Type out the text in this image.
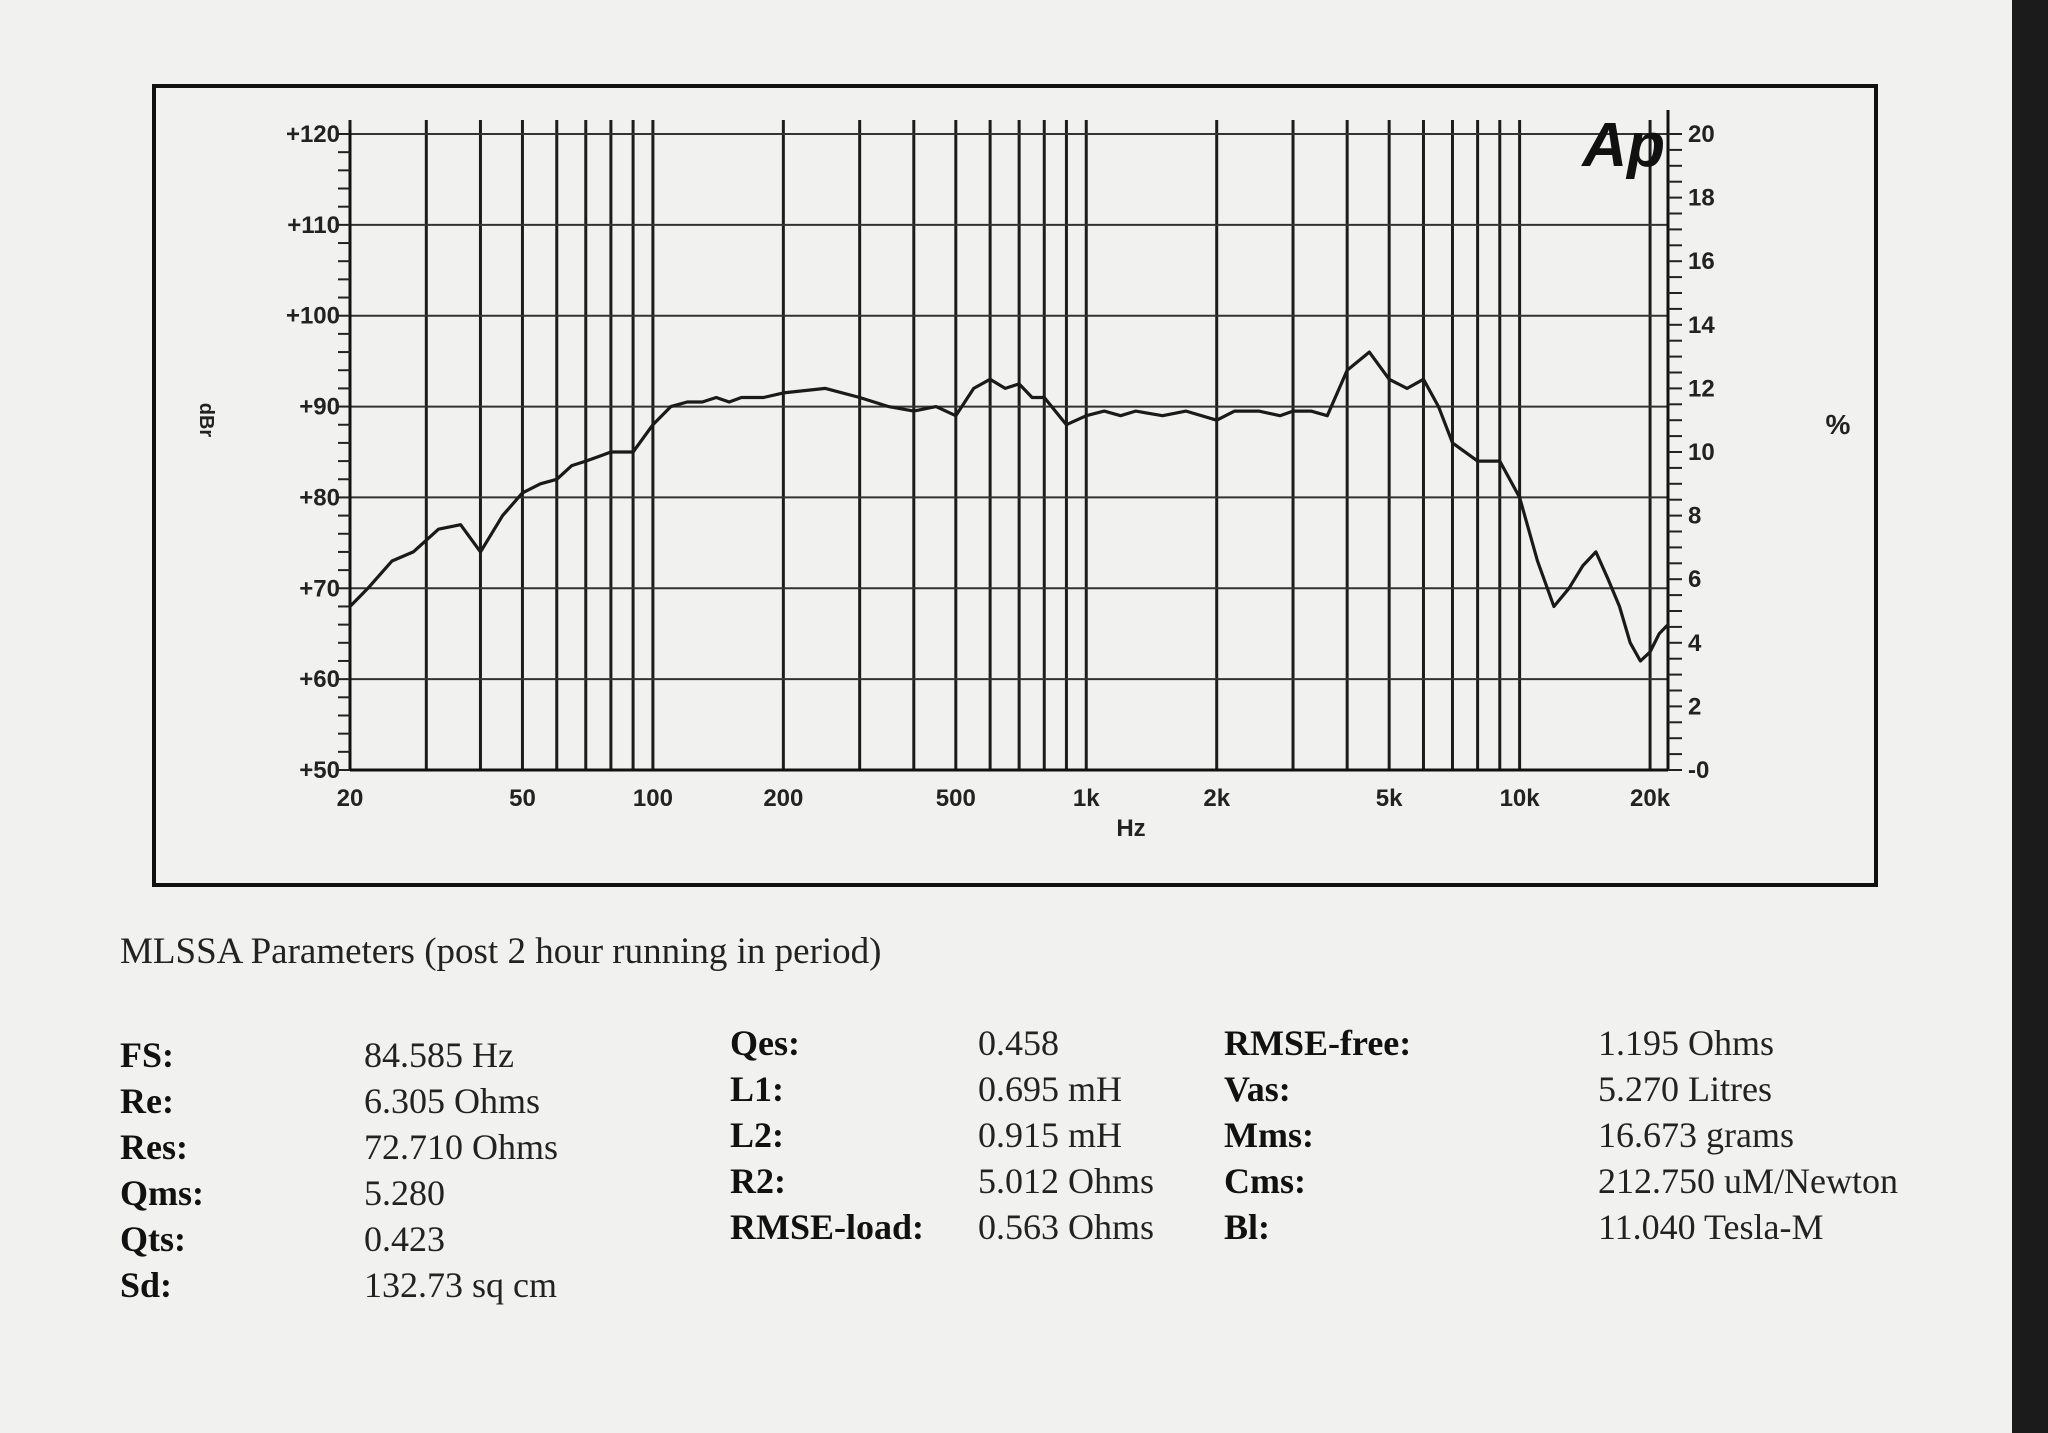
+120
+110
+100
+90
+80
+70
+60
+50
20
18
16
14
12
10
8
6
4
2
-0
20	50	100	200	500	1k	2k	5k	10k	20k
Hz
dBr	%
Ap
MLSSA Parameters (post 2 hour running in period)
FS:	84.585 Hz
Re:	6.305 Ohms
Res:	72.710 Ohms
Qms:	5.280
Qts:	0.423
Sd:	132.73 sq cm
Qes:	0.458
L1:	0.695 mH
L2:	0.915 mH
R2:	5.012 Ohms
RMSE-load: 0.563 Ohms
RMSE-free:	1.195 Ohms
Vas:	5.270 Litres
Mms:	16.673 grams
Cms:	212.750 uM/Newton
Bl:	11.040 Tesla-M
